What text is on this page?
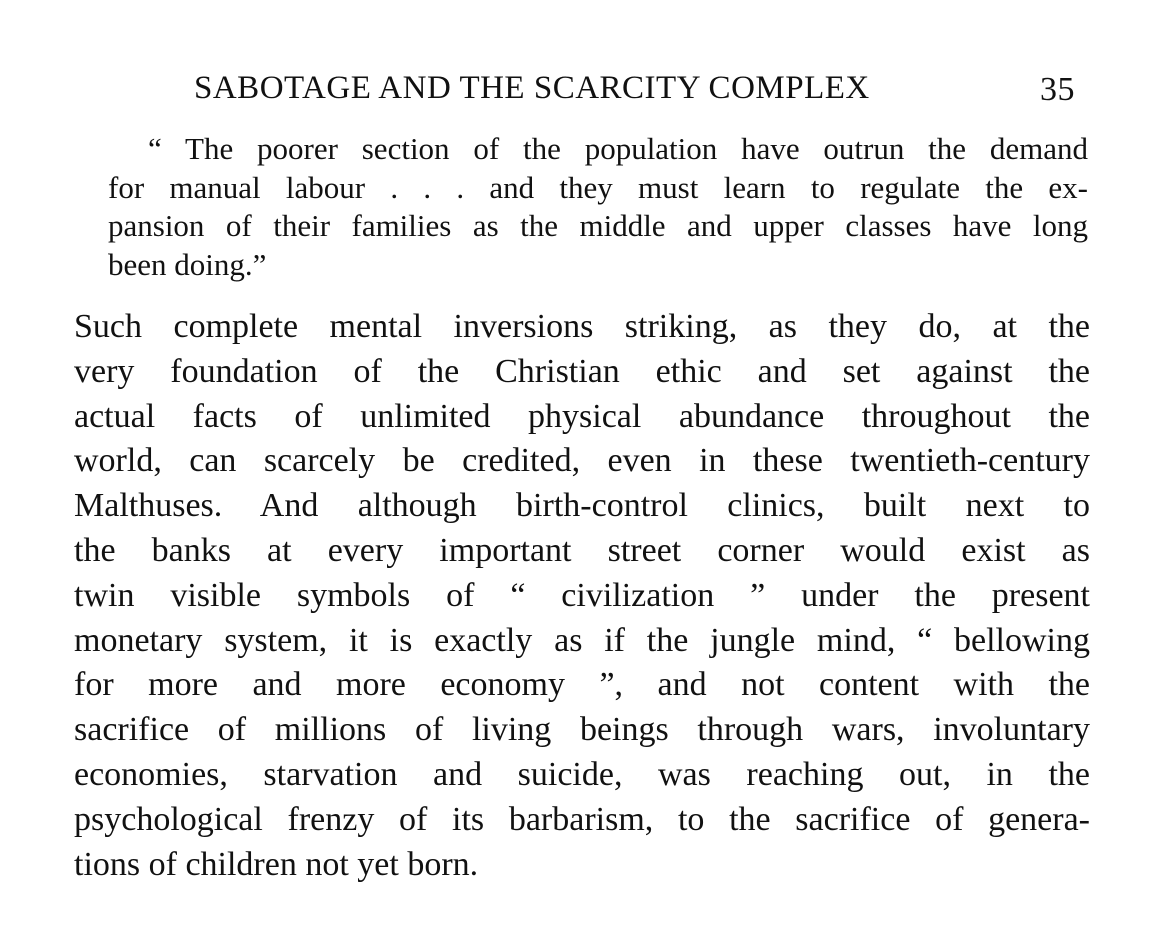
SABOTAGE AND THE SCARCITY COMPLEX	35
“ The poorer section of the population have outrun the demand
for manual labour . . . and they must learn to regulate the ex-
pansion of their families as the middle and upper classes have long
been doing.”
Such complete mental inversions striking, as they do, at the
very foundation of the Christian ethic and set against the
actual facts of unlimited physical abundance throughout the
world, can scarcely be credited, even in these twentieth-century
Malthuses. And although birth-control clinics, built next to
the banks at every important street corner would exist as
twin visible symbols of “ civilization ” under the present
monetary system, it is exactly as if the jungle mind, “ bellowing
for more and more economy ”, and not content with the
sacrifice of millions of living beings through wars, involuntary
economies, starvation and suicide, was reaching out, in the
psychological frenzy of its barbarism, to the sacrifice of genera-
tions of children not yet born.
